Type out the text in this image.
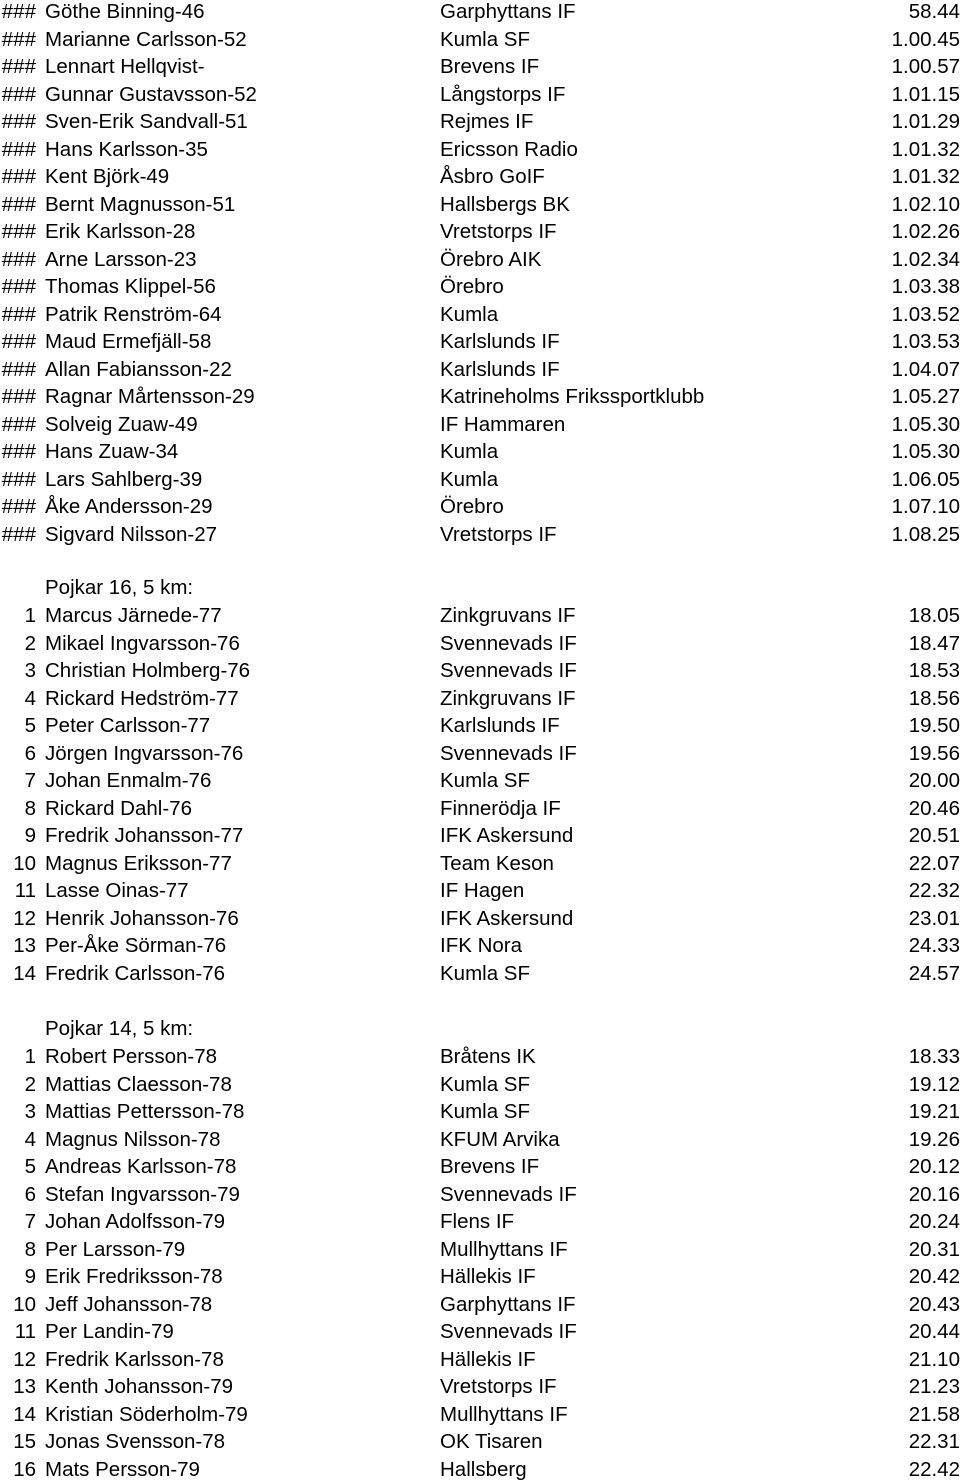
### Göthe Binning-46	Garphyttans IF	58.44
### Marianne Carlsson-52	Kumla SF	1.00.45
### Lennart Hellqvist-	Brevens IF	1.00.57
### Gunnar Gustavsson-52	Långstorps IF	1.01.15
### Sven-Erik Sandvall-51	Rejmes IF	1.01.29
### Hans Karlsson-35	Ericsson Radio	1.01.32
### Kent Björk-49	Åsbro GoIF	1.01.32
### Bernt Magnusson-51	Hallsbergs BK	1.02.10
### Erik Karlsson-28	Vretstorps IF	1.02.26
### Arne Larsson-23	Örebro AIK	1.02.34
### Thomas Klippel-56	Örebro	1.03.38
### Patrik Renström-64	Kumla	1.03.52
### Maud Ermefjäll-58	Karlslunds IF	1.03.53
### Allan Fabiansson-22	Karlslunds IF	1.04.07
### Ragnar Mårtensson-29	Katrineholms Frikssportklubb	1.05.27
### Solveig Zuaw-49	IF Hammaren	1.05.30
### Hans Zuaw-34	Kumla	1.05.30
### Lars Sahlberg-39	Kumla	1.06.05
### Åke Andersson-29	Örebro	1.07.10
### Sigvard Nilsson-27	Vretstorps IF	1.08.25
Pojkar 16, 5 km:
1 Marcus Järnede-77	Zinkgruvans IF	18.05
2 Mikael Ingvarsson-76	Svennevads IF	18.47
3 Christian Holmberg-76	Svennevads IF	18.53
4 Rickard Hedström-77	Zinkgruvans IF	18.56
5 Peter Carlsson-77	Karlslunds IF	19.50
6 Jörgen Ingvarsson-76	Svennevads IF	19.56
7 Johan Enmalm-76	Kumla SF	20.00
8 Rickard Dahl-76	Finnerödja IF	20.46
9 Fredrik Johansson-77	IFK Askersund	20.51
10 Magnus Eriksson-77	Team Keson	22.07
11 Lasse Oinas-77	IF Hagen	22.32
12 Henrik Johansson-76	IFK Askersund	23.01
13 Per-Åke Sörman-76	IFK Nora	24.33
14 Fredrik Carlsson-76	Kumla SF	24.57
Pojkar 14, 5 km:
1 Robert Persson-78	Bråtens IK	18.33
2 Mattias Claesson-78	Kumla SF	19.12
3 Mattias Pettersson-78	Kumla SF	19.21
4 Magnus Nilsson-78	KFUM Arvika	19.26
5 Andreas Karlsson-78	Brevens IF	20.12
6 Stefan Ingvarsson-79	Svennevads IF	20.16
7 Johan Adolfsson-79	Flens IF	20.24
8 Per Larsson-79	Mullhyttans IF	20.31
9 Erik Fredriksson-78	Hällekis IF	20.42
10 Jeff Johansson-78	Garphyttans IF	20.43
11 Per Landin-79	Svennevads IF	20.44
12 Fredrik Karlsson-78	Hällekis IF	21.10
13 Kenth Johansson-79	Vretstorps IF	21.23
14 Kristian Söderholm-79	Mullhyttans IF	21.58
15 Jonas Svensson-78	OK Tisaren	22.31
16 Mats Persson-79	Hallsberg	22.42
